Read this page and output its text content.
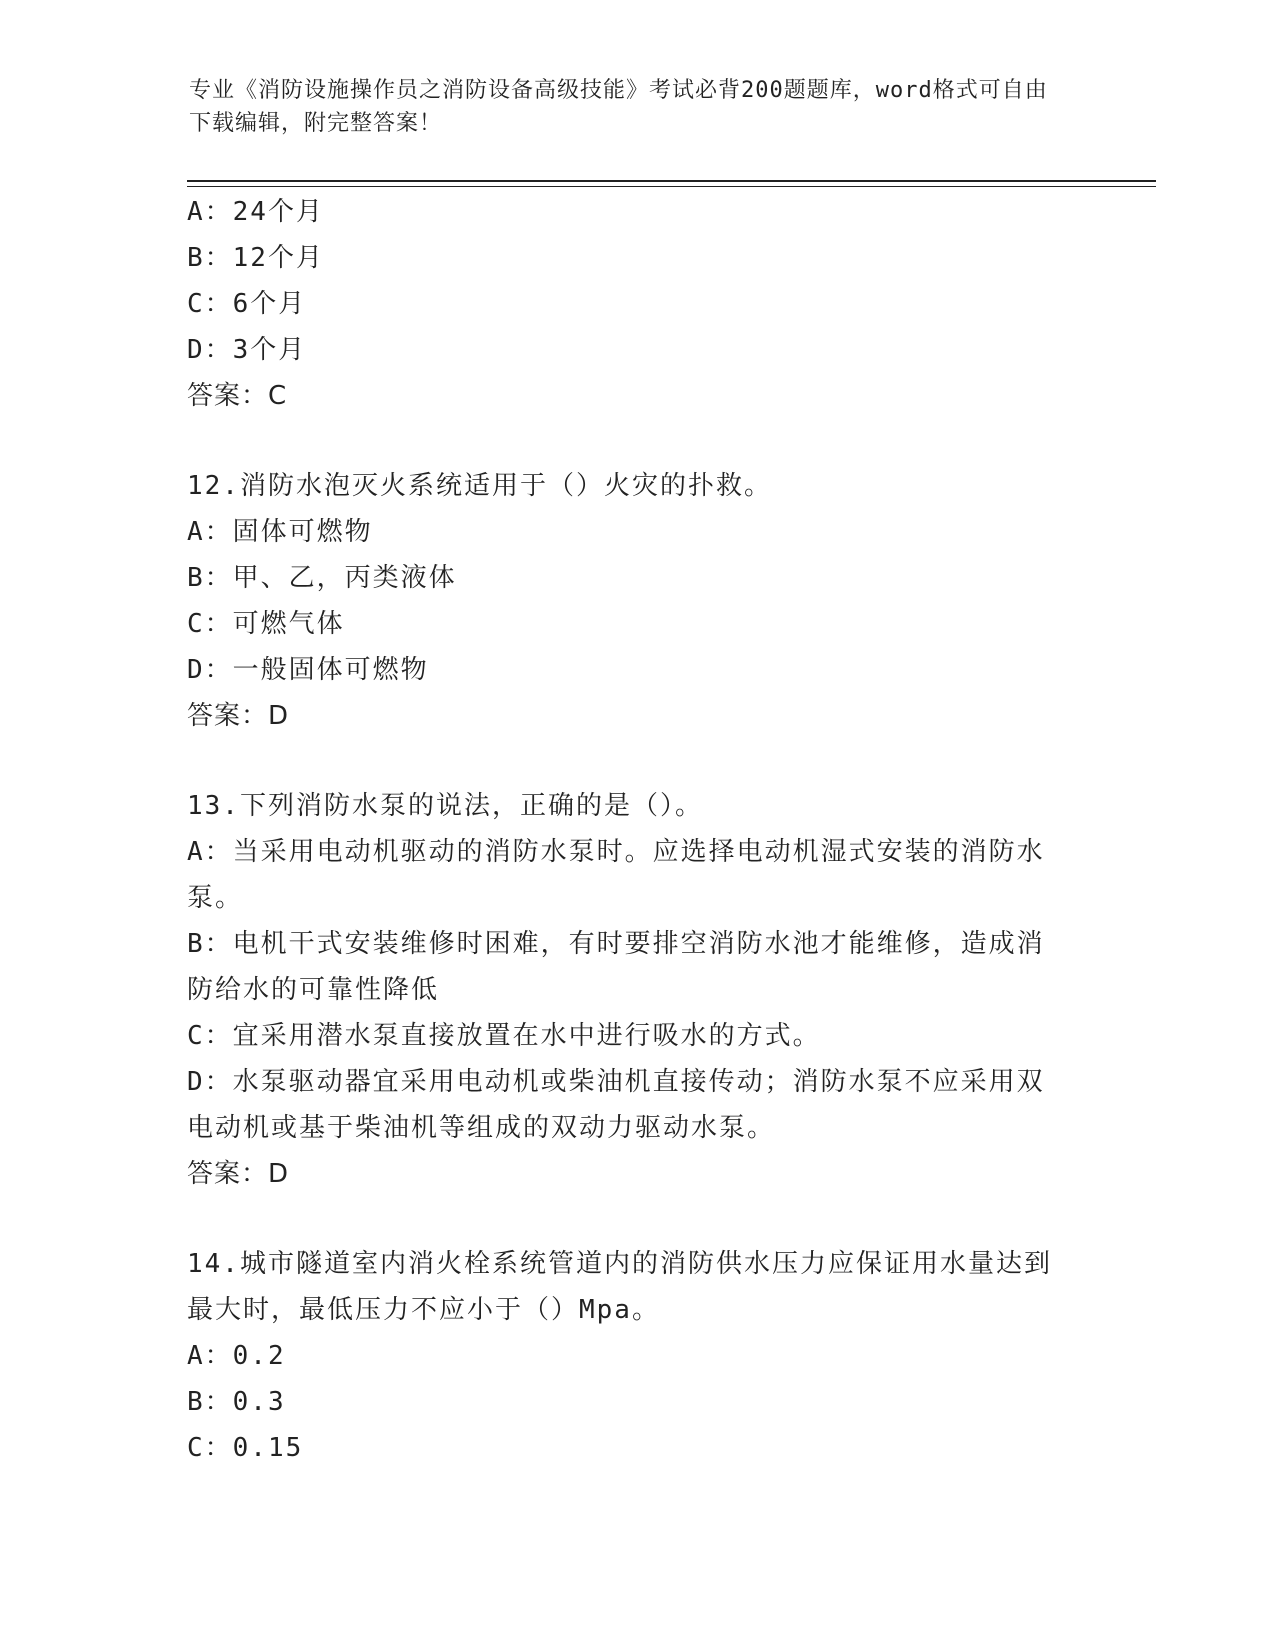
专业《消防设施操作员之消防设备高级技能》考试必背200题题库，word格式可自由下载编辑，附完整答案！
A：24个月
B：12个月
C：6个月
D：3个月
答案：C
12.消防水泡灭火系统适用于（）火灾的扑救。
A：固体可燃物
B：甲、乙，丙类液体
C：可燃气体
D：一般固体可燃物
答案：D
13.下列消防水泵的说法，正确的是（）。
A：当采用电动机驱动的消防水泵时。应选择电动机湿式安装的消防水泵。
B：电机干式安装维修时困难，有时要排空消防水池才能维修，造成消防给水的可靠性降低
C：宜采用潜水泵直接放置在水中进行吸水的方式。
D：水泵驱动器宜采用电动机或柴油机直接传动；消防水泵不应采用双电动机或基于柴油机等组成的双动力驱动水泵。
答案：D
14.城市隧道室内消火栓系统管道内的消防供水压力应保证用水量达到最大时，最低压力不应小于（）Mpa。
A：0.2
B：0.3
C：0.15
